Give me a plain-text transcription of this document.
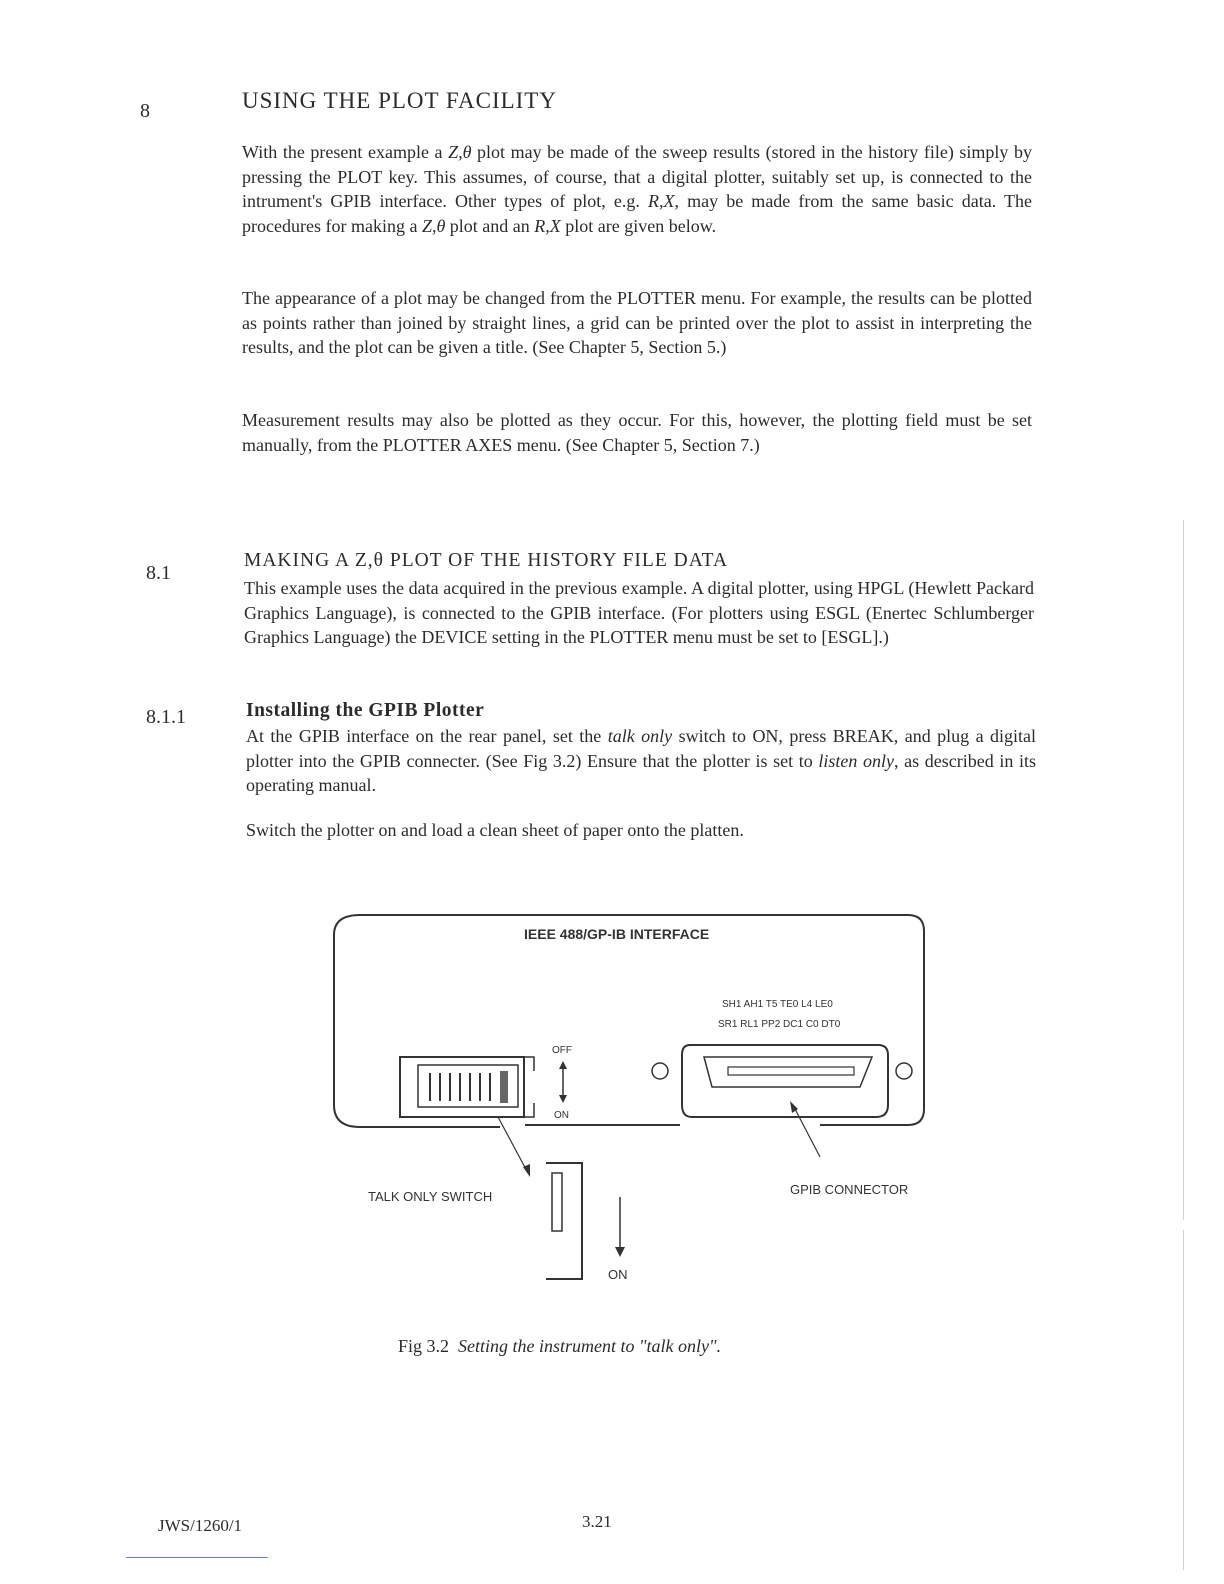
8	USING THE PLOT FACILITY

With the present example a Z,θ plot may be made of the sweep results (stored in the history file) simply by pressing the PLOT key. This assumes, of course, that a digital plotter, suitably set up, is connected to the intrument's GPIB interface. Other types of plot, e.g. R,X, may be made from the same basic data. The procedures for making a Z,θ plot and an R,X plot are given below.

The appearance of a plot may be changed from the PLOTTER menu. For example, the results can be plotted as points rather than joined by straight lines, a grid can be printed over the plot to assist in interpreting the results, and the plot can be given a title. (See Chapter 5, Section 5.)

Measurement results may also be plotted as they occur. For this, however, the plotting field must be set manually, from the PLOTTER AXES menu. (See Chapter 5, Section 7.)

8.1
MAKING A Z,θ PLOT OF THE HISTORY FILE DATA

This example uses the data acquired in the previous example. A digital plotter, using HPGL (Hewlett Packard Graphics Language), is connected to the GPIB interface. (For plotters using ESGL (Enertec Schlumberger Graphics Language) the DEVICE setting in the PLOTTER menu must be set to [ESGL].)

8.1.1	Installing the GPIB Plotter

At the GPIB interface on the rear panel, set the talk only switch to ON, press BREAK, and plug a digital plotter into the GPIB connecter. (See Fig 3.2) Ensure that the plotter is set to listen only, as described in its operating manual.

Switch the plotter on and load a clean sheet of paper onto the platten.

IEEE 488/GP-IB INTERFACE
SH1 AH1 T5 TE0 L4 LE0
SR1 RL1 PP2 DC1 C0 DT0
OFF
ON
TALK ONLY SWITCH	GPIB CONNECTOR
ON
Fig 3.2 Setting the instrument to "talk only".
JWS/1260/1	3.21
